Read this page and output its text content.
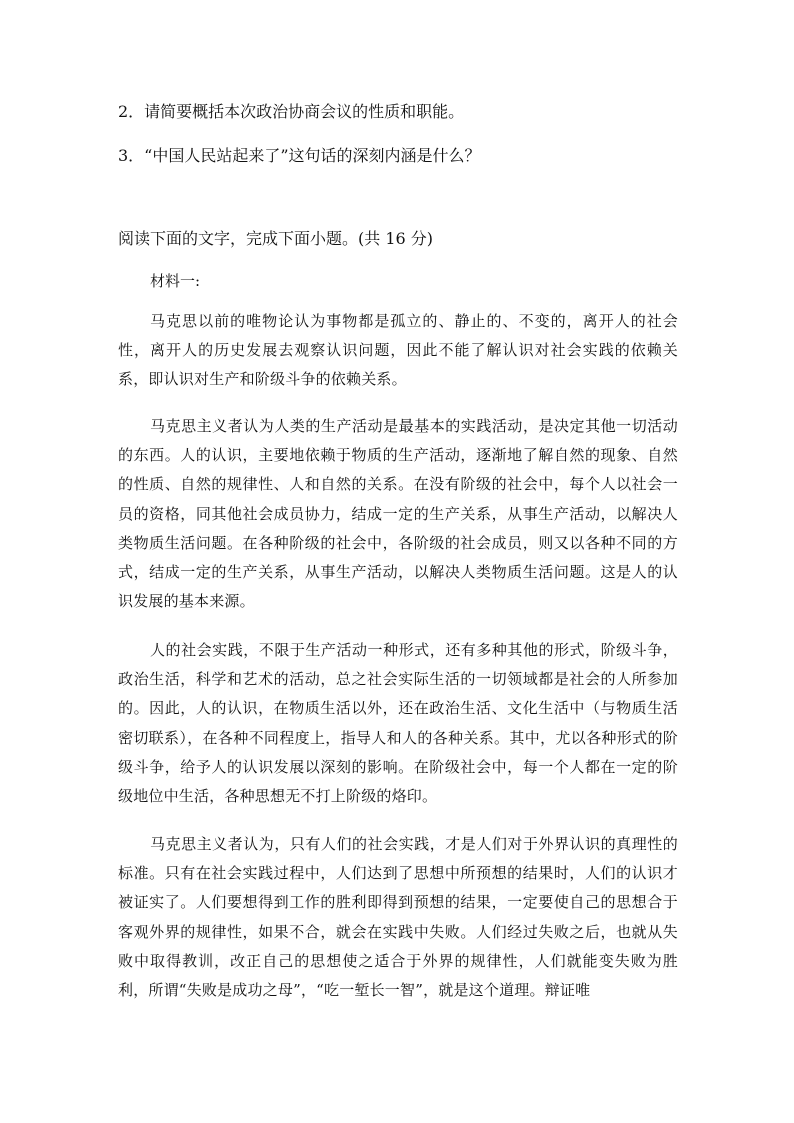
2．请简要概括本次政治协商会议的性质和职能。
3．“中国人民站起来了”这句话的深刻内涵是什么？
阅读下面的文字，完成下面小题。(共 16 分)
材料一:

马克思以前的唯物论认为事物都是孤立的、静止的、不变的，离开人的社会性，离开人的历史发展去观察认识问题，因此不能了解认识对社会实践的依赖关系，即认识对生产和阶级斗争的依赖关系。

马克思主义者认为人类的生产活动是最基本的实践活动，是决定其他一切活动的东西。人的认识，主要地依赖于物质的生产活动，逐渐地了解自然的现象、自然的性质、自然的规律性、人和自然的关系。在没有阶级的社会中，每个人以社会一员的资格，同其他社会成员协力，结成一定的生产关系，从事生产活动，以解决人类物质生活问题。在各种阶级的社会中，各阶级的社会成员，则又以各种不同的方式，结成一定的生产关系，从事生产活动，以解决人类物质生活问题。这是人的认识发展的基本来源。

人的社会实践，不限于生产活动一种形式，还有多种其他的形式，阶级斗争，政治生活，科学和艺术的活动，总之社会实际生活的一切领域都是社会的人所参加的。因此，人的认识，在物质生活以外，还在政治生活、文化生活中（与物质生活密切联系），在各种不同程度上，指导人和人的各种关系。其中，尤以各种形式的阶级斗争，给予人的认识发展以深刻的影响。在阶级社会中，每一个人都在一定的阶级地位中生活，各种思想无不打上阶级的烙印。

马克思主义者认为，只有人们的社会实践，才是人们对于外界认识的真理性的标准。只有在社会实践过程中，人们达到了思想中所预想的结果时，人们的认识才被证实了。人们要想得到工作的胜利即得到预想的结果，一定要使自己的思想合于客观外界的规律性，如果不合，就会在实践中失败。人们经过失败之后，也就从失败中取得教训，改正自己的思想使之适合于外界的规律性，人们就能变失败为胜利，所谓“失败是成功之母”，“吃一堑长一智”，就是这个道理。辩证唯
